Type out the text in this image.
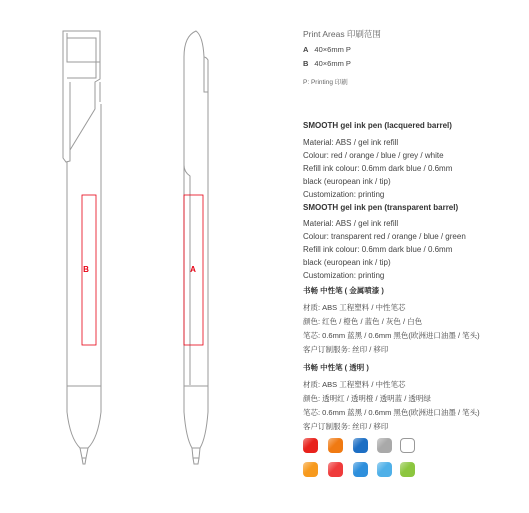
B	A
Print Areas 印刷范围
A 40×6mm P
B 40×6mm P
P: Printing 印刷
SMOOTH gel ink pen (lacquered barrel)
Material: ABS / gel ink refill
Colour: red / orange / blue / grey / white
Refill ink colour: 0.6mm dark blue / 0.6mm
black (european ink / tip)
Customization: printing
SMOOTH gel ink pen (transparent barrel)
Material: ABS / gel ink refill
Colour: transparent red / orange / blue / green
Refill ink colour: 0.6mm dark blue / 0.6mm
black (european ink / tip)
Customization: printing
书畅 中性笔 ( 金属喷漆 )
材质: ABS 工程塑料 / 中性笔芯
颜色: 红色 / 橙色 / 蓝色 / 灰色 / 白色
笔芯: 0.6mm 蓝黑 / 0.6mm 黑色(欧洲进口油墨 / 笔头)
客户订制服务: 丝印 / 移印
书畅 中性笔 ( 透明 )
材质: ABS 工程塑料 / 中性笔芯
颜色: 透明红 / 透明橙 / 透明蓝 / 透明绿
笔芯: 0.6mm 蓝黑 / 0.6mm 黑色(欧洲进口油墨 / 笔头)
客户订制服务: 丝印 / 移印
